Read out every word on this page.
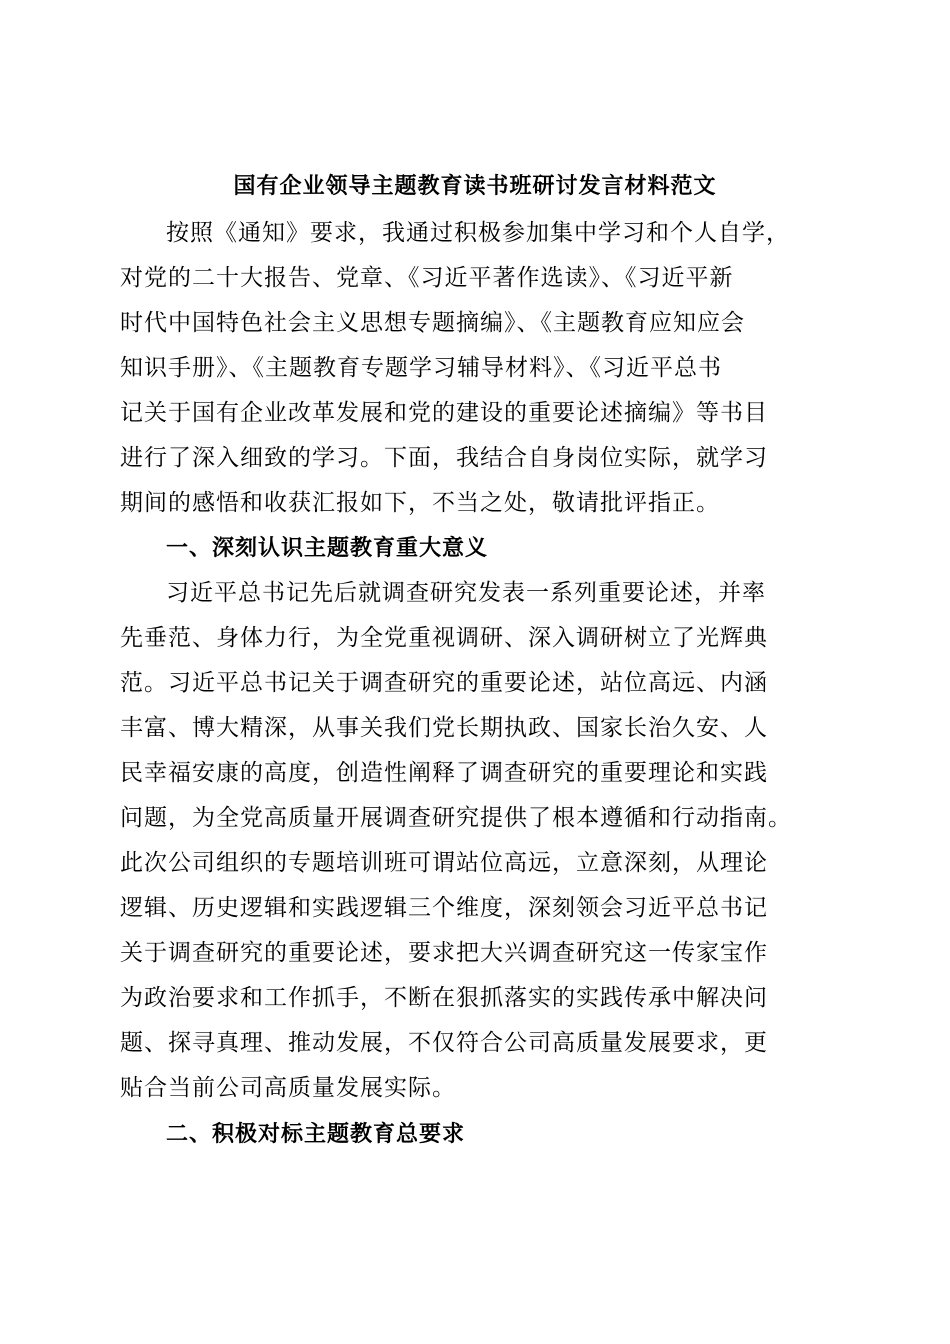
国有企业领导主题教育读书班研讨发言材料范文

按照《通知》要求，我通过积极参加集中学习和个人自学，

对党的二十大报告、党章、《习近平著作选读》、《习近平新

时代中国特色社会主义思想专题摘编》、《主题教育应知应会

知识手册》、《主题教育专题学习辅导材料》、《习近平总书

记关于国有企业改革发展和党的建设的重要论述摘编》等书目

进行了深入细致的学习。下面，我结合自身岗位实际，就学习

期间的感悟和收获汇报如下，不当之处，敬请批评指正。

一、深刻认识主题教育重大意义

习近平总书记先后就调查研究发表一系列重要论述，并率

先垂范、身体力行，为全党重视调研、深入调研树立了光辉典

范。习近平总书记关于调查研究的重要论述，站位高远、内涵

丰富、博大精深，从事关我们党长期执政、国家长治久安、人

民幸福安康的高度，创造性阐释了调查研究的重要理论和实践

问题，为全党高质量开展调查研究提供了根本遵循和行动指南。

此次公司组织的专题培训班可谓站位高远，立意深刻，从理论

逻辑、历史逻辑和实践逻辑三个维度，深刻领会习近平总书记

关于调查研究的重要论述，要求把大兴调查研究这一传家宝作

为政治要求和工作抓手，不断在狠抓落实的实践传承中解决问

题、探寻真理、推动发展，不仅符合公司高质量发展要求，更

贴合当前公司高质量发展实际。

二、积极对标主题教育总要求
